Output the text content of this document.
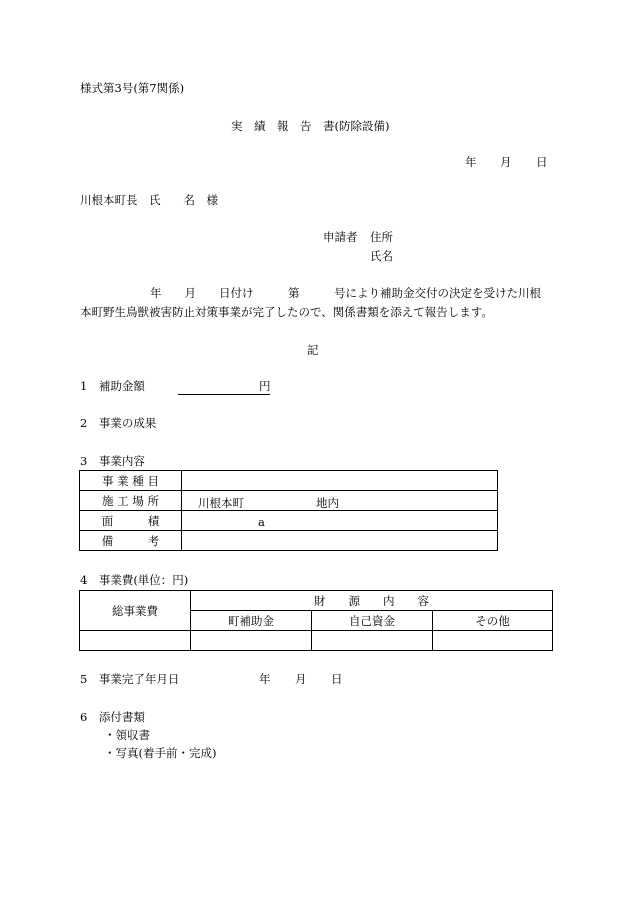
様式第3号(第7関係)
実　績　報　告　書(防除設備)
年 月 日
川根本町長　氏　　名　様
申請者 住所
氏名
年　　月　　日付け　　　第　　　号により補助金交付の決定を受けた川根
本町野生鳥獣被害防止対策事業が完了したので、関係書類を添えて報告します。
記
1　補助金額	円
2　事業の成果
3　事業内容
事 業 種 目	
施 工 場 所	川根本町 地内

面　　　積	a

備　　　考	
4　事業費(単位：円)
総事業費	財　　源　　内　　容		
	町補助金	自己資金	その他

5　事業完了年月日	年 月 日
6　添付書類
・領収書
・写真(着手前・完成)
